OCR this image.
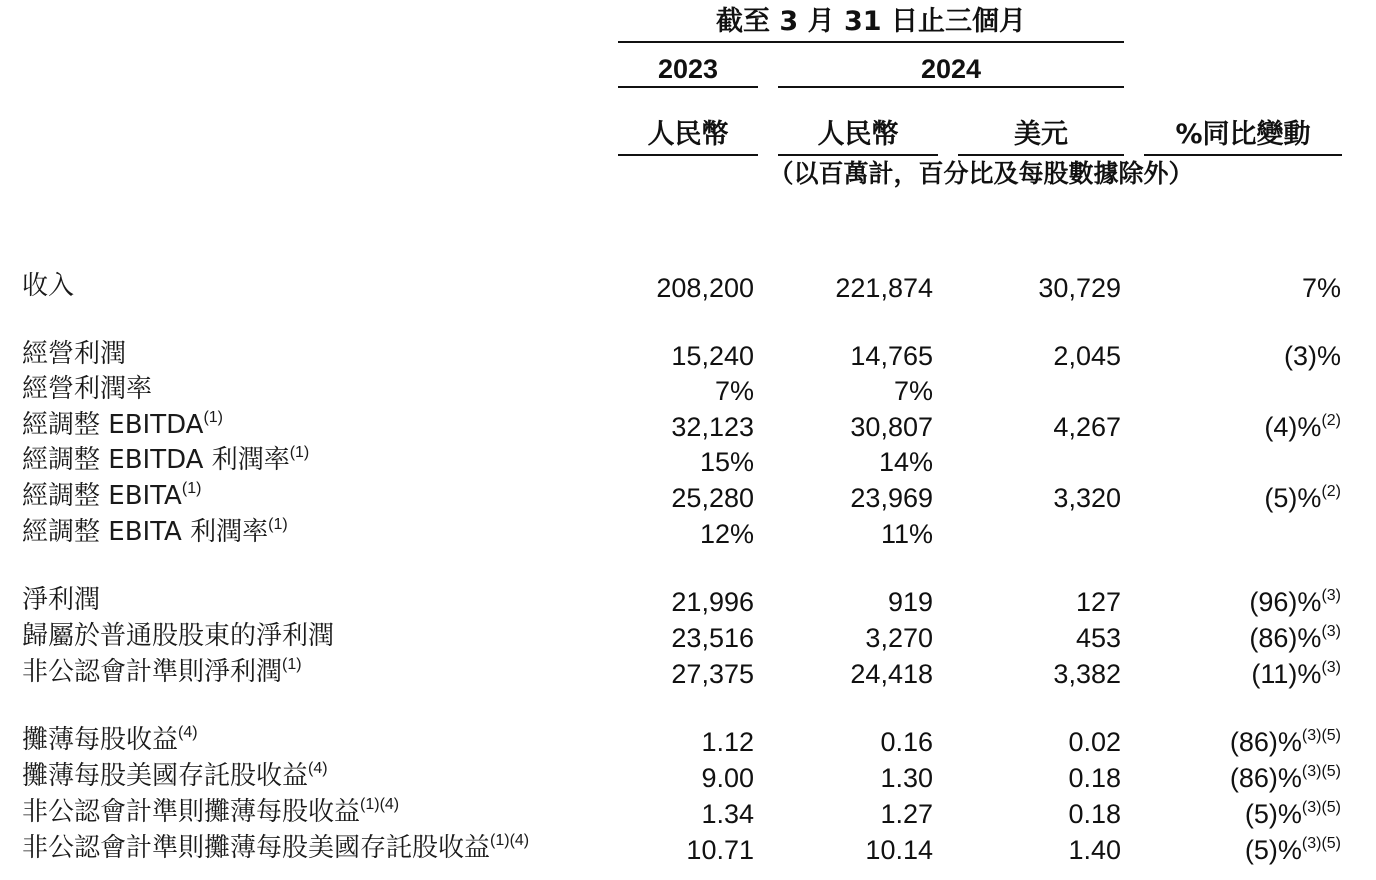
截至 3 月 31 日止三個月
2023	2024
人民幣	人民幣	美元	%同比變動
（以百萬計，百分比及每股數據除外）
收入	208,200	221,874	30,729	7%
經營利潤	15,240	14,765	2,045	(3)%
經營利潤率	7%	7%
經調整 EBITDA$^{(1)}$	32,123	30,807	4,267	(4)%$^{(2)}$
經調整 EBITDA 利潤率$^{(1)}$	15%	14%
經調整 EBITA$^{(1)}$	25,280	23,969	3,320	(5)%$^{(2)}$
經調整 EBITA 利潤率$^{(1)}$	12%	11%
淨利潤	21,996	919	127	(96)%$^{(3)}$
歸屬於普通股股東的淨利潤	23,516	3,270	453	(86)%$^{(3)}$
非公認會計準則淨利潤$^{(1)}$	27,375	24,418	3,382	(11)%$^{(3)}$
攤薄每股收益$^{(4)}$	1.12	0.16	0.02	(86)%$^{(3)(5)}$
攤薄每股美國存託股收益$^{(4)}$	9.00	1.30	0.18	(86)%$^{(3)(5)}$
非公認會計準則攤薄每股收益$^{(1)(4)}$	1.34	1.27	0.18	(5)%$^{(3)(5)}$
非公認會計準則攤薄每股美國存託股收益$^{(1)(4)}$	10.71	10.14	1.40	(5)%$^{(3)(5)}$
